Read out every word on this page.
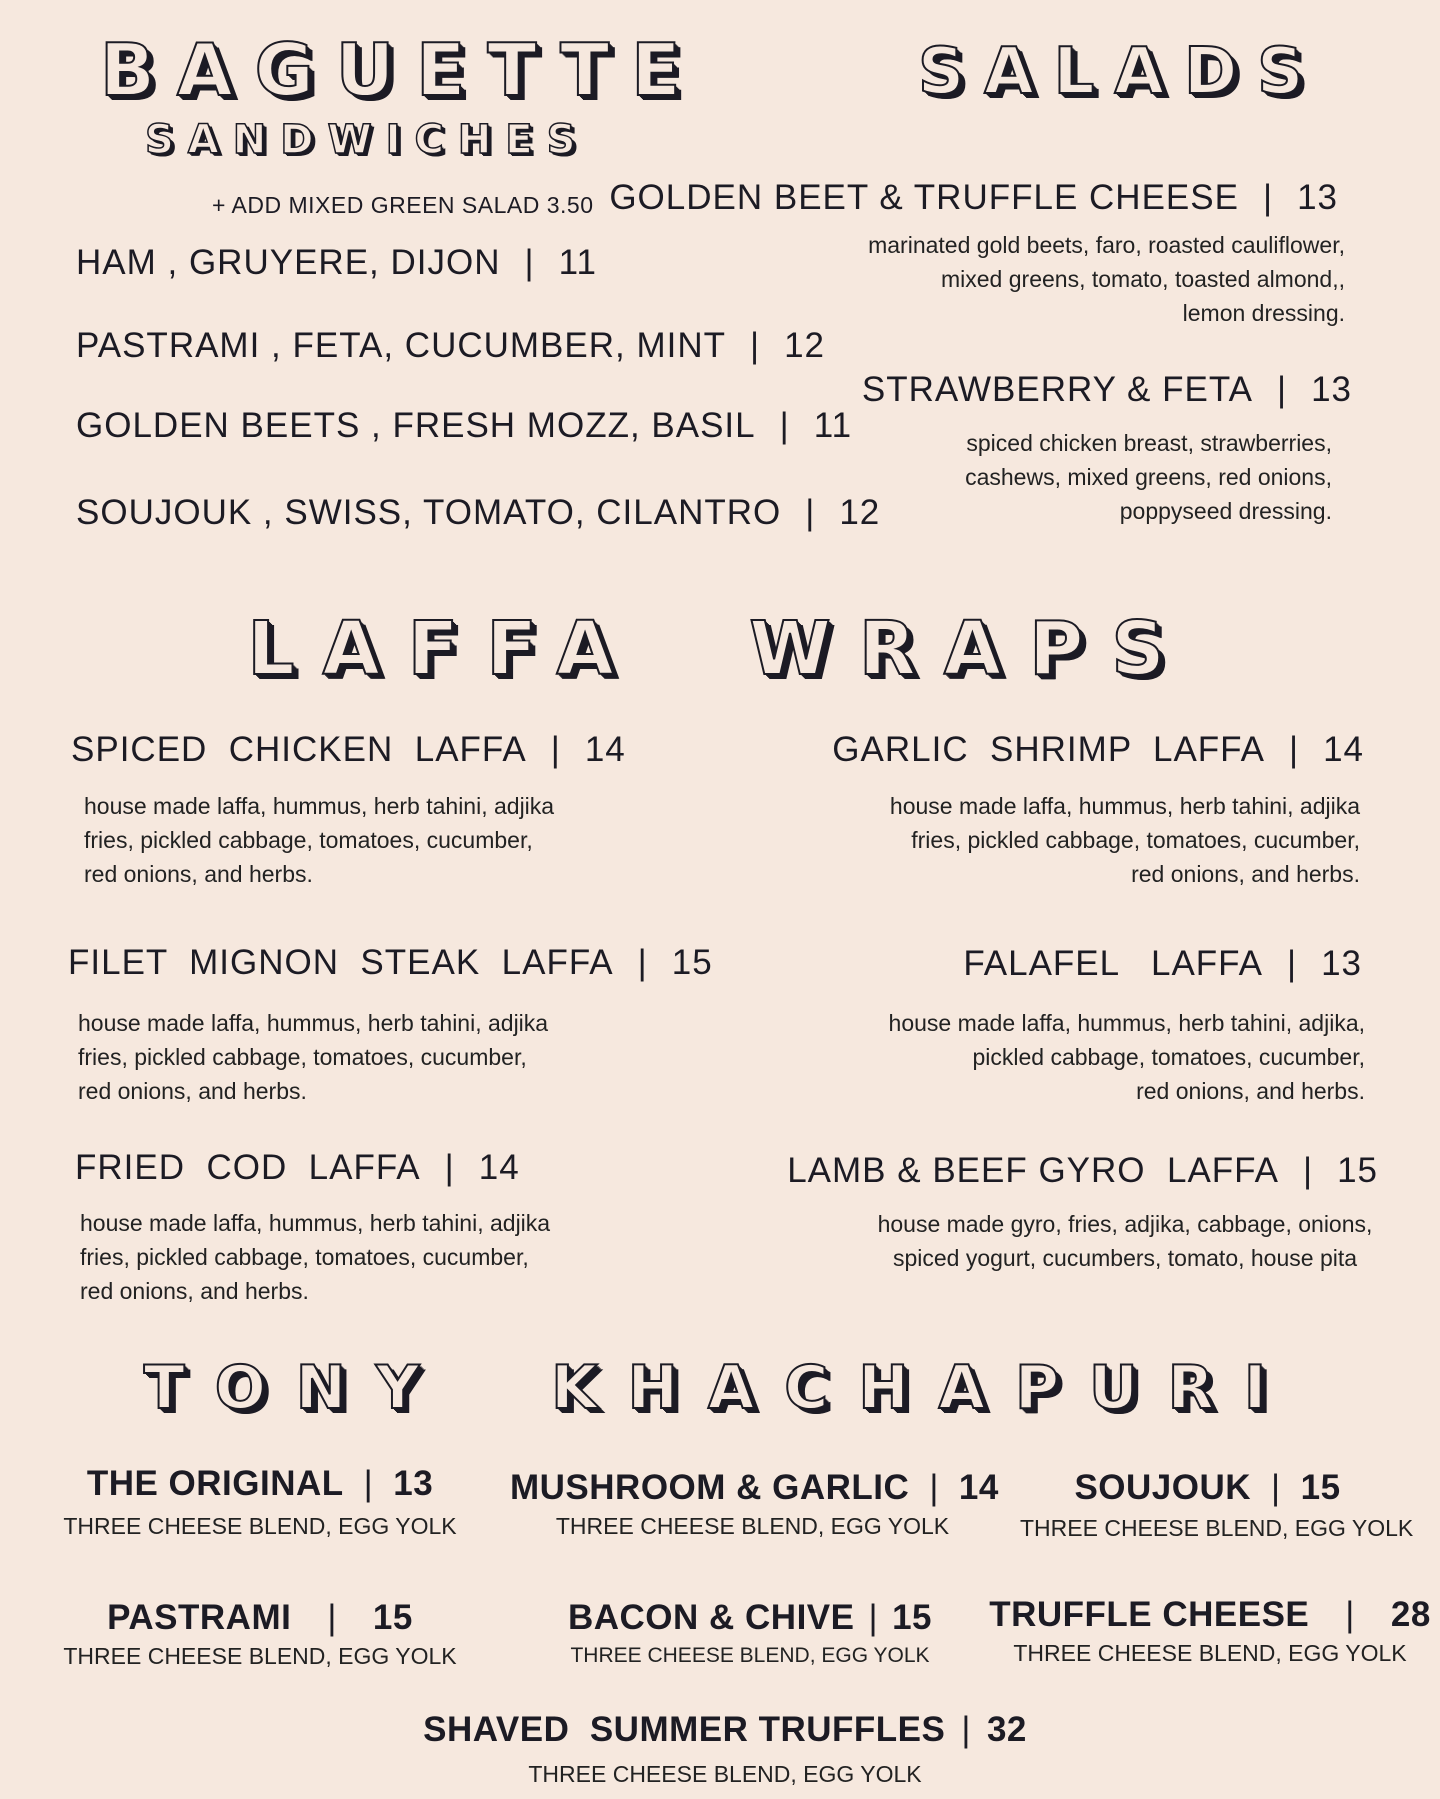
BAGUETTE
SANDWICHES
+ ADD MIXED GREEN SALAD 3.50
HAM , GRUYERE, DIJON | 11
PASTRAMI , FETA, CUCUMBER, MINT | 12
GOLDEN BEETS , FRESH MOZZ, BASIL | 11
SOUJOUK , SWISS, TOMATO, CILANTRO | 12
SALADS
GOLDEN BEET & TRUFFLE CHEESE | 13
marinated gold beets, faro, roasted cauliflower,
mixed greens, tomato, toasted almond,,
lemon dressing.
STRAWBERRY & FETA | 13
spiced chicken breast, strawberries,
cashews, mixed greens, red onions,
poppyseed dressing.
LAFFA  WRAPS
SPICED  CHICKEN  LAFFA | 14
house made laffa, hummus, herb tahini, adjika
fries, pickled cabbage, tomatoes, cucumber,
red onions, and herbs.
GARLIC  SHRIMP  LAFFA | 14
house made laffa, hummus, herb tahini, adjika
fries, pickled cabbage, tomatoes, cucumber,
red onions, and herbs.
FILET  MIGNON  STEAK  LAFFA | 15
house made laffa, hummus, herb tahini, adjika
fries, pickled cabbage, tomatoes, cucumber,
red onions, and herbs.
FALAFEL   LAFFA | 13
house made laffa, hummus, herb tahini, adjika,
pickled cabbage, tomatoes, cucumber,
red onions, and herbs.
FRIED  COD  LAFFA | 14
house made laffa, hummus, herb tahini, adjika
fries, pickled cabbage, tomatoes, cucumber,
red onions, and herbs.
LAMB & BEEF GYRO  LAFFA | 15
house made gyro, fries, adjika, cabbage, onions,
spiced yogurt, cucumbers, tomato, house pita
TONY  KHACHAPURI
THE ORIGINAL | 13
THREE CHEESE BLEND, EGG YOLK
MUSHROOM & GARLIC | 14
THREE CHEESE BLEND, EGG YOLK
SOUJOUK | 15
THREE CHEESE BLEND, EGG YOLK
PASTRAMI | 15
THREE CHEESE BLEND, EGG YOLK
BACON & CHIVE | 15
THREE CHEESE BLEND, EGG YOLK
TRUFFLE CHEESE | 28
THREE CHEESE BLEND, EGG YOLK
SHAVED  SUMMER TRUFFLES | 32
THREE CHEESE BLEND, EGG YOLK
